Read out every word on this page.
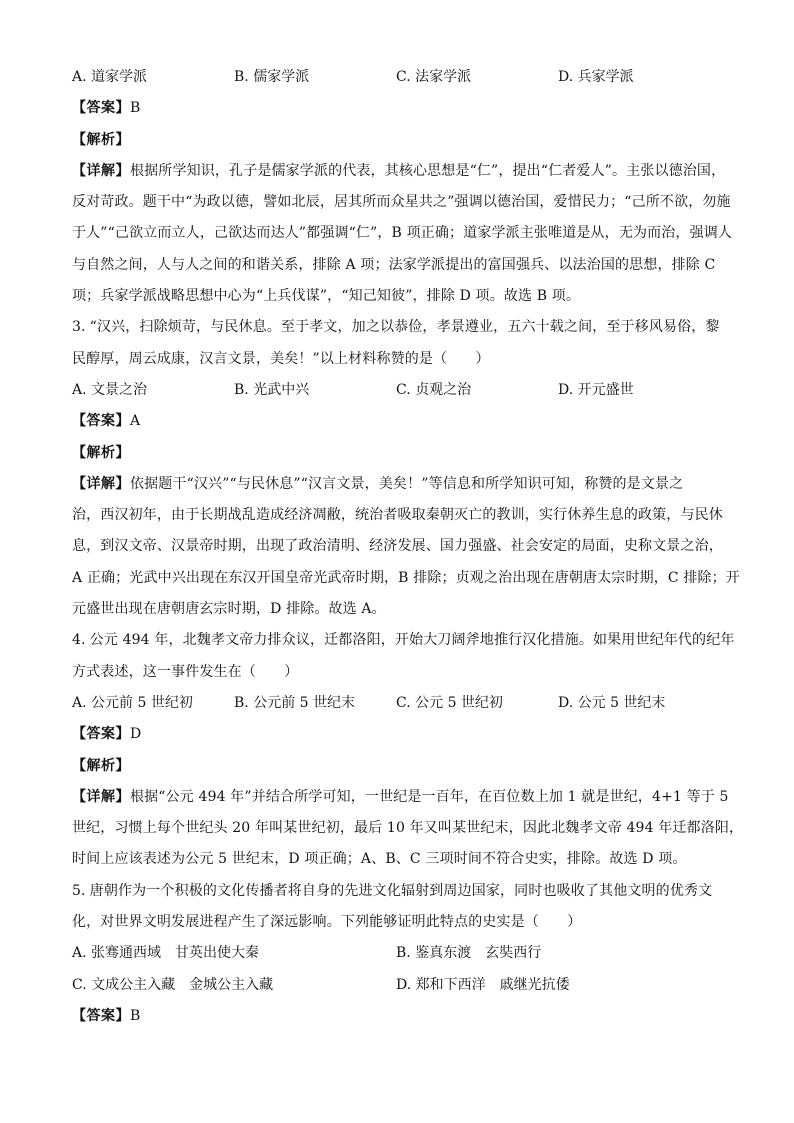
A. 道家学派	B. 儒家学派	C. 法家学派	D. 兵家学派
【答案】B
【解析】
【详解】根据所学知识，孔子是儒家学派的代表，其核心思想是“仁”，提出“仁者爱人”。主张以德治国，
反对苛政。题干中“为政以德，譬如北辰，居其所而众星共之”强调以德治国，爱惜民力；“己所不欲，勿施
于人”“己欲立而立人，己欲达而达人”都强调“仁”，B 项正确；道家学派主张唯道是从，无为而治，强调人
与自然之间，人与人之间的和谐关系，排除 A 项；法家学派提出的富国强兵、以法治国的思想，排除 C
项；兵家学派战略思想中心为“上兵伐谋”，“知己知彼”，排除 D 项。故选 B 项。
3. “汉兴，扫除烦苛，与民休息。至于孝文，加之以恭俭，孝景遵业，五六十载之间，至于移风易俗，黎
民醇厚，周云成康，汉言文景，美矣！”以上材料称赞的是（　　）
A. 文景之治	B. 光武中兴	C. 贞观之治	D. 开元盛世
【答案】A
【解析】
【详解】依据题干“汉兴”“与民休息”“汉言文景，美矣！”等信息和所学知识可知，称赞的是文景之
治，西汉初年，由于长期战乱造成经济凋敝，统治者吸取秦朝灭亡的教训，实行休养生息的政策，与民休
息，到汉文帝、汉景帝时期，出现了政治清明、经济发展、国力强盛、社会安定的局面，史称文景之治，
A 正确；光武中兴出现在东汉开国皇帝光武帝时期，B 排除；贞观之治出现在唐朝唐太宗时期，C 排除；开
元盛世出现在唐朝唐玄宗时期，D 排除。故选 A。
4. 公元 494 年，北魏孝文帝力排众议，迁都洛阳，开始大刀阔斧地推行汉化措施。如果用世纪年代的纪年
方式表述，这一事件发生在（　　）
A. 公元前 5 世纪初	B. 公元前 5 世纪末	C. 公元 5 世纪初	D. 公元 5 世纪末
【答案】D
【解析】
【详解】根据“公元 494 年”并结合所学可知，一世纪是一百年，在百位数上加 1 就是世纪，4+1 等于 5
世纪，习惯上每个世纪头 20 年叫某世纪初，最后 10 年又叫某世纪末，因此北魏孝文帝 494 年迁都洛阳，
时间上应该表述为公元 5 世纪末，D 项正确；A、B、C 三项时间不符合史实，排除。故选 D 项。
5. 唐朝作为一个积极的文化传播者将自身的先进文化辐射到周边国家，同时也吸收了其他文明的优秀文
化，对世界文明发展进程产生了深远影响。下列能够证明此特点的史实是（　　）
A. 张骞通西域　甘英出使大秦	B. 鉴真东渡　玄奘西行
C. 文成公主入藏　金城公主入藏	D. 郑和下西洋　戚继光抗倭
【答案】B
